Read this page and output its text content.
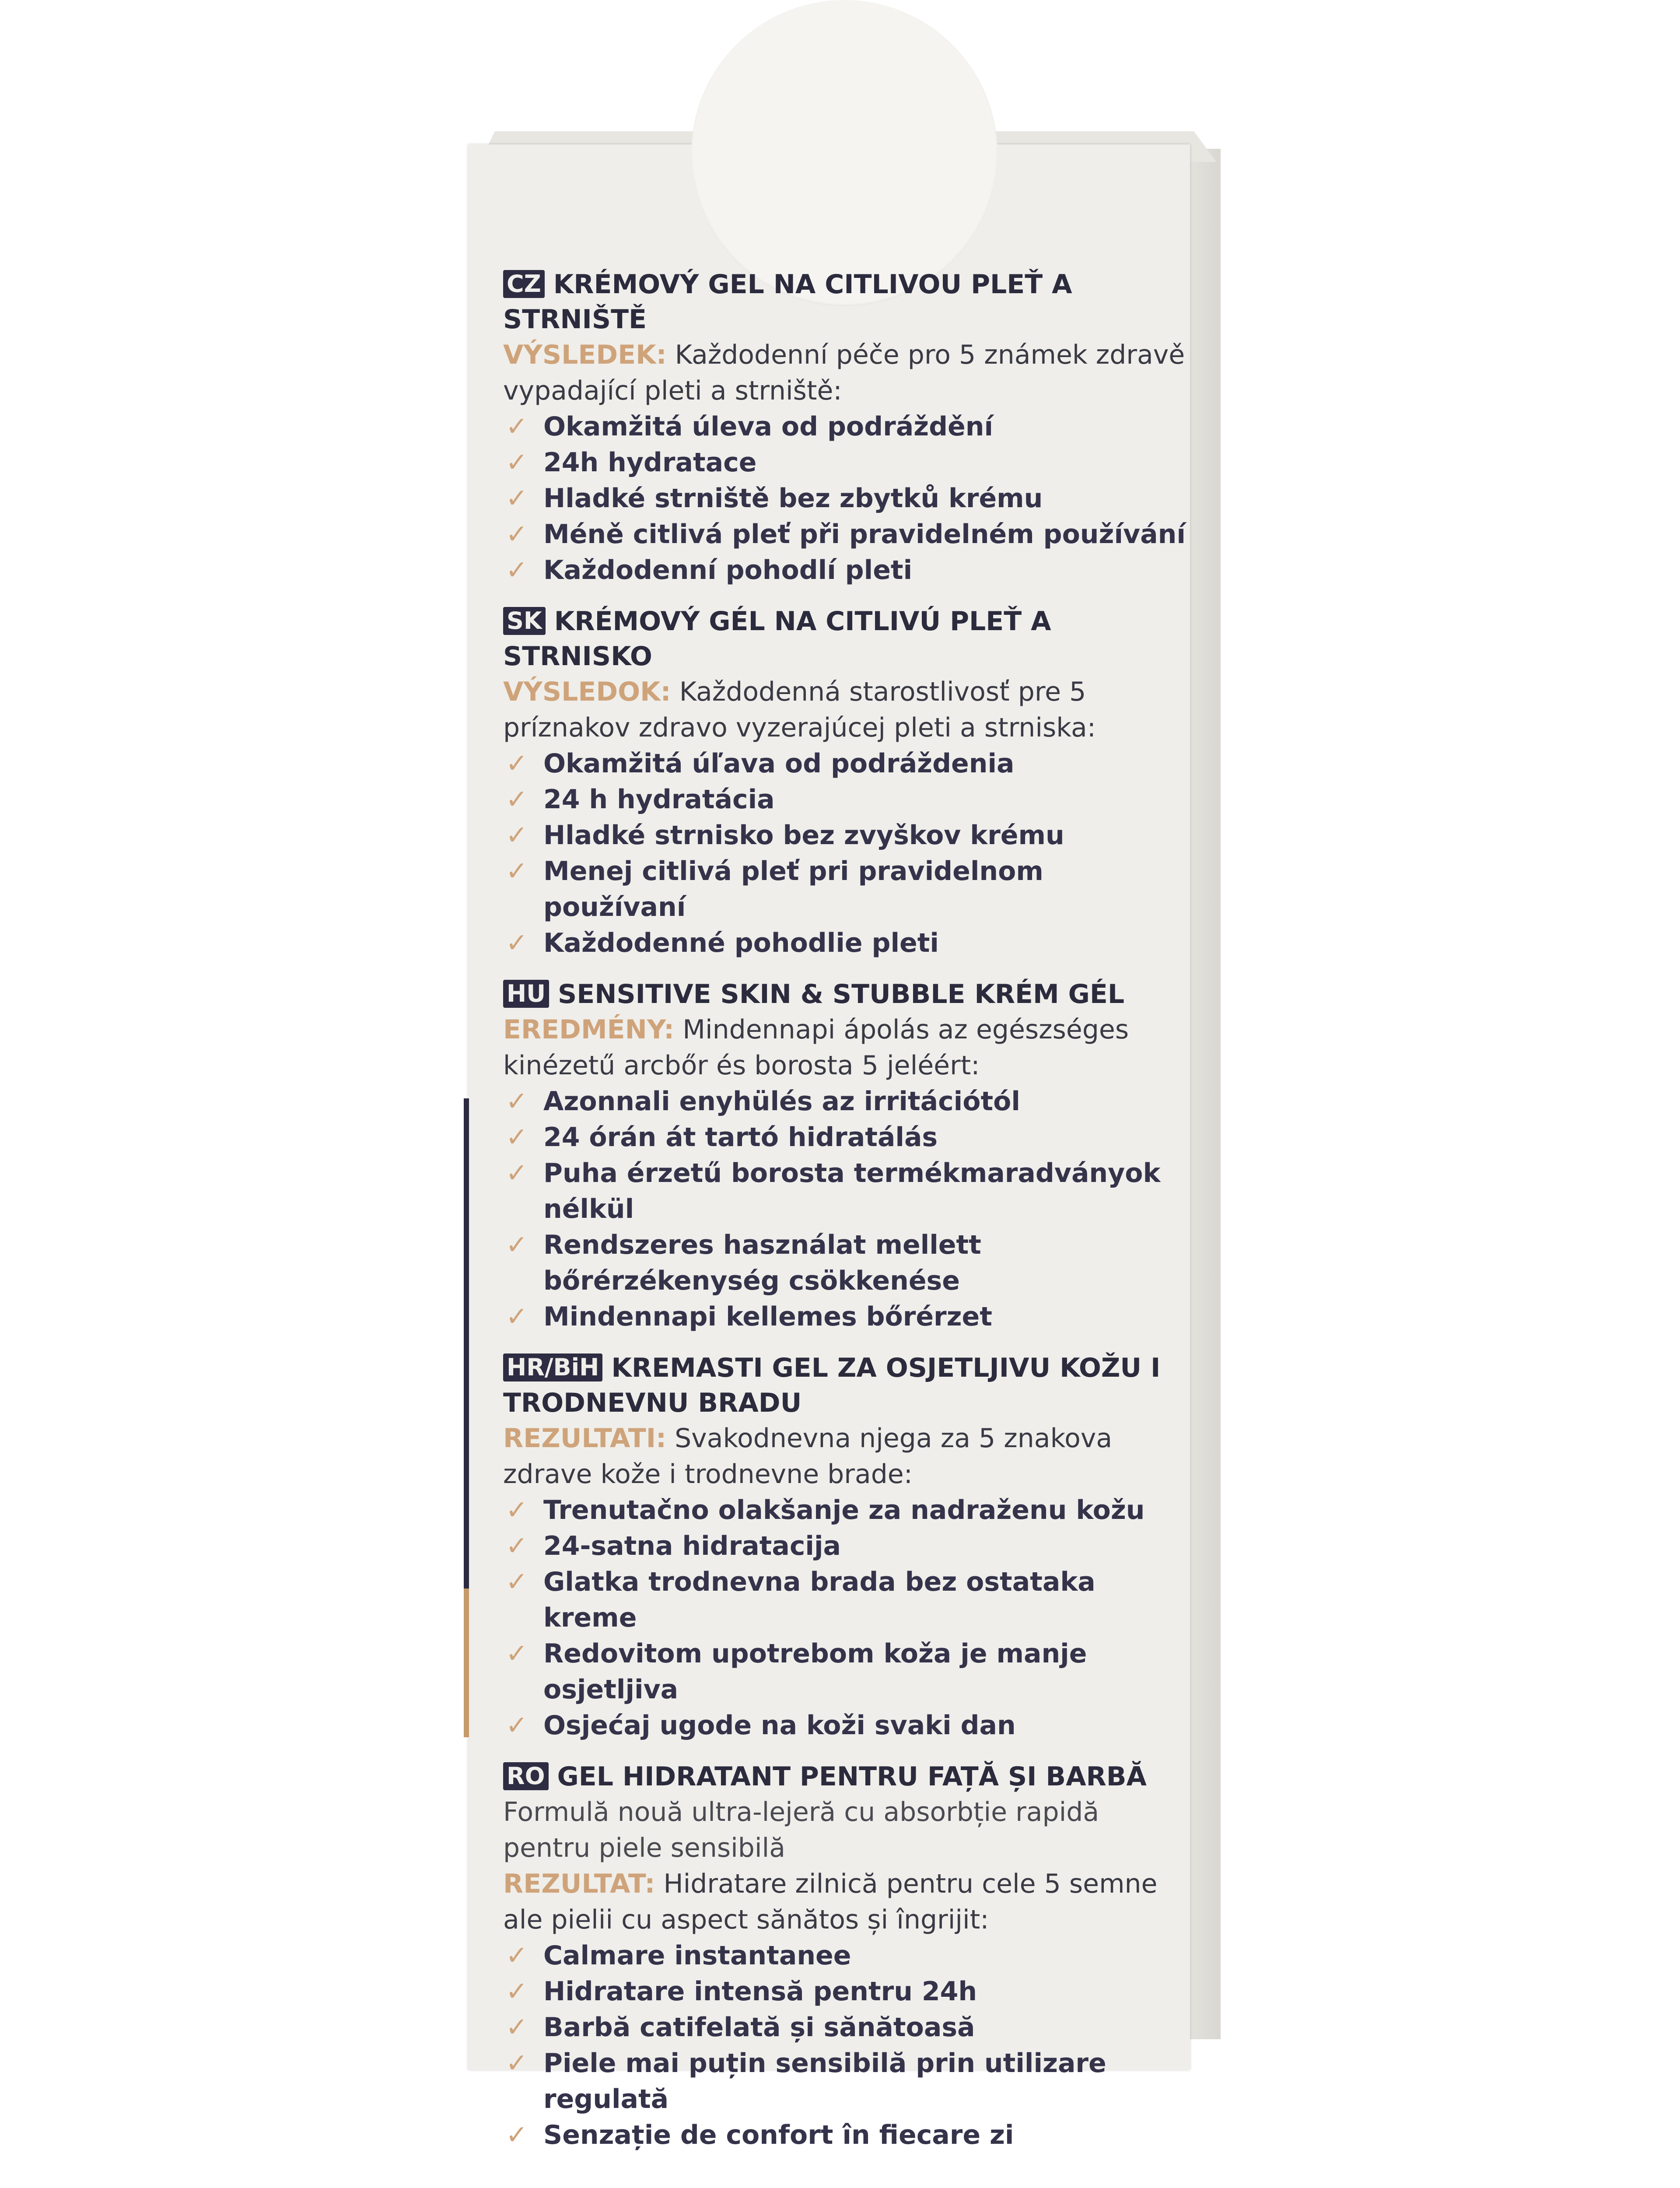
CZ KRÉMOVÝ GEL NA CITLIVOU PLEŤ A STRNIŠTĚ
VÝSLEDEK: Každodenní péče pro 5 známek zdravě vypadající pleti a strniště:
✓ Okamžitá úleva od podráždění
✓ 24h hydratace
✓ Hladké strniště bez zbytků krému
✓ Méně citlivá pleť při pravidelném používání
✓ Každodenní pohodlí pleti
SK KRÉMOVÝ GÉL NA CITLIVÚ PLEŤ A STRNISKO
VÝSLEDOK: Každodenná starostlivosť pre 5 príznakov zdravo vyzerajúcej pleti a strniska:
✓ Okamžitá úľava od podráždenia
✓ 24 h hydratácia
✓ Hladké strnisko bez zvyškov krému
✓ Menej citlivá pleť pri pravidelnom používaní
✓ Každodenné pohodlie pleti
HU SENSITIVE SKIN & STUBBLE KRÉM GÉL
EREDMÉNY: Mindennapi ápolás az egészséges kinézetű arcbőr és borosta 5 jeléért:
✓ Azonnali enyhülés az irritációtól
✓ 24 órán át tartó hidratálás
✓ Puha érzetű borosta termékmaradványok nélkül
✓ Rendszeres használat mellett bőrérzékenység csökkenése
✓ Mindennapi kellemes bőrérzet
HR/BiH KREMASTI GEL ZA OSJETLJIVU KOŽU I TRODNEVNU BRADU
REZULTATI: Svakodnevna njega za 5 znakova zdrave kože i trodnevne brade:
✓ Trenutačno olakšanje za nadraženu kožu
✓ 24-satna hidratacija
✓ Glatka trodnevna brada bez ostataka kreme
✓ Redovitom upotrebom koža je manje osjetljiva
✓ Osjećaj ugode na koži svaki dan
RO GEL HIDRATANT PENTRU FAȚĂ ȘI BARBĂ
Formulă nouă ultra-lejeră cu absorbție rapidă pentru piele sensibilă
REZULTAT: Hidratare zilnică pentru cele 5 semne ale pielii cu aspect sănătos și îngrijit:
✓ Calmare instantanee
✓ Hidratare intensă pentru 24h
✓ Barbă catifelată și sănătoasă
✓ Piele mai puțin sensibilă prin utilizare regulată
✓ Senzație de confort în fiecare zi
